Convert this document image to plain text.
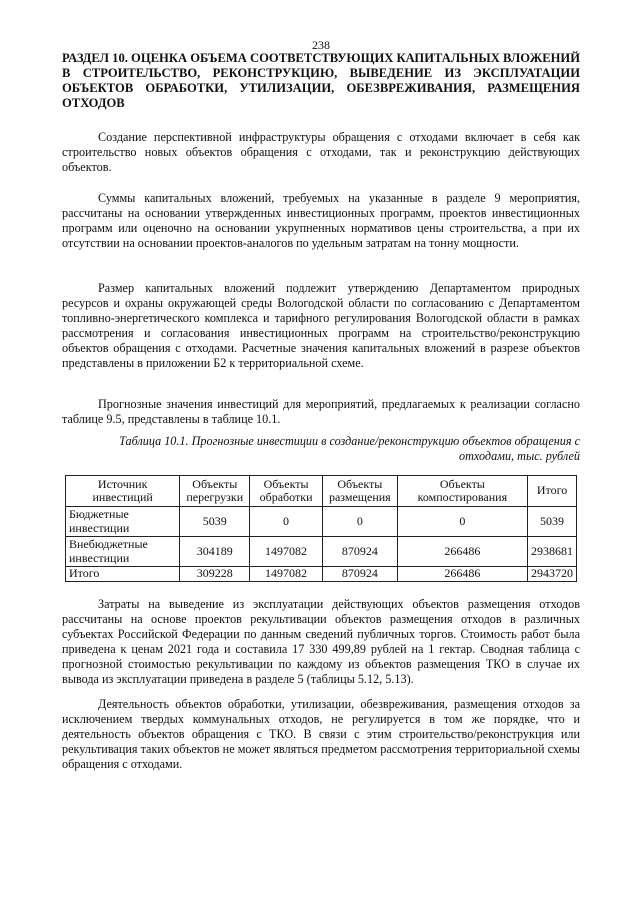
238
РАЗДЕЛ 10. ОЦЕНКА ОБЪЕМА СООТВЕТСТВУЮЩИХ КАПИТАЛЬНЫХ ВЛОЖЕНИЙ В СТРОИТЕЛЬСТВО, РЕКОНСТРУКЦИЮ, ВЫВЕДЕНИЕ ИЗ ЭКСПЛУАТАЦИИ ОБЪЕКТОВ ОБРАБОТКИ, УТИЛИЗАЦИИ, ОБЕЗВРЕЖИВАНИЯ, РАЗМЕЩЕНИЯ ОТХОДОВ

Создание перспективной инфраструктуры обращения с отходами включает в себя как строительство новых объектов обращения с отходами, так и реконструкцию действующих объектов.

Суммы капитальных вложений, требуемых на указанные в разделе 9 мероприятия, рассчитаны на основании утвержденных инвестиционных программ, проектов инвестиционных программ или оценочно на основании укрупненных нормативов цены строительства, а при их отсутствии на основании проектов-аналогов по удельным затратам на тонну мощности.

Размер капитальных вложений подлежит утверждению Департаментом природных ресурсов и охраны окружающей среды Вологодской области по согласованию с Департаментом топливно-энергетического комплекса и тарифного регулирования Вологодской области в рамках рассмотрения и согласования инвестиционных программ на строительство/реконструкцию объектов обращения с отходами. Расчетные значения капитальных вложений в разрезе объектов представлены в приложении Б2 к территориальной схеме.

Прогнозные значения инвестиций для мероприятий, предлагаемых к реализации согласно таблице 9.5, представлены в таблице 10.1.

Таблица 10.1. Прогнозные инвестиции в создание/реконструкцию объектов обращения с отходами, тыс. рублей
Источник инвестиций	Объекты перегрузки	Объекты обработки	Объекты размещения	Объекты компостирования	Итого
Бюджетные инвестиции	5039	0	0	0	5039
Внебюджетные инвестиции	304189	1497082	870924	266486	2938681
Итого	309228	1497082	870924	266486	2943720

Затраты на выведение из эксплуатации действующих объектов размещения отходов рассчитаны на основе проектов рекультивации объектов размещения отходов в различных субъектах Российской Федерации по данным сведений публичных торгов. Стоимость работ была приведена к ценам 2021 года и составила 17 330 499,89 рублей на 1 гектар. Сводная таблица с прогнозной стоимостью рекультивации по каждому из объектов размещения ТКО в случае их вывода из эксплуатации приведена в разделе 5 (таблицы 5.12, 5.13).

Деятельность объектов обработки, утилизации, обезвреживания, размещения отходов за исключением твердых коммунальных отходов, не регулируется в том же порядке, что и деятельность объектов обращения с ТКО. В связи с этим строительство/реконструкция или рекультивация таких объектов не может являться предметом рассмотрения территориальной схемы обращения с отходами.
